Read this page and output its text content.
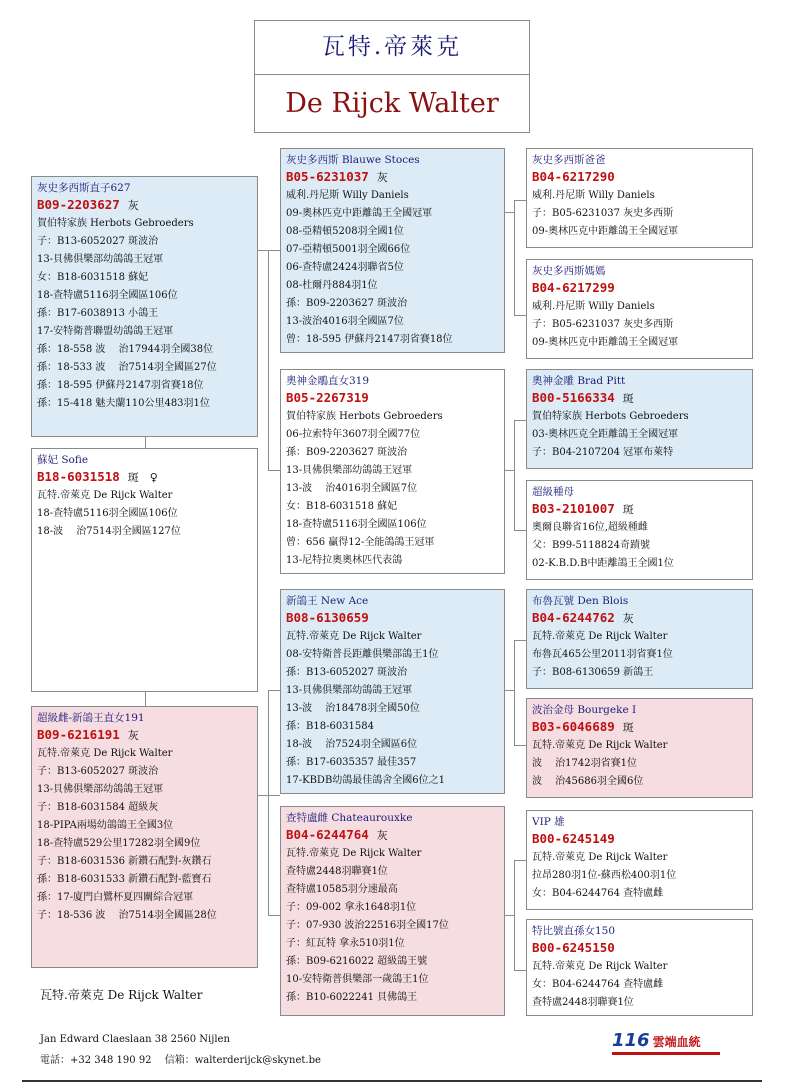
瓦特.帝萊克
De Rijck Walter
灰史多西斯直子627
B09-2203627 灰
賀伯特家族 Herbots Gebroeders
子：B13-6052027 斑波治
13-貝佛俱樂部幼鴿鴿王冠軍
女：B18-6031518 蘇妃
18-查特盧5116羽全國區106位
孫：B17-6038913 小鴿王
17-安特衛普聯盟幼鴿鴿王冠軍
孫：18-558 波　 治17944羽全國38位
孫：18-533 波　 治7514羽全國區27位
孫：18-595 伊蘇丹2147羽省賽18位
孫：15-418 魅夫蘭110公里483羽1位
蘇妃 Sofie
B18-6031518 斑　♀
瓦特.帝萊克 De Rijck Walter
18-查特盧5116羽全國區106位
18-波　 治7514羽全國區127位
超級雌-新鴿王直女191
B09-6216191 灰
瓦特.帝萊克 De Rijck Walter
子：B13-6052027 斑波治
13-貝佛俱樂部幼鴿鴿王冠軍
子：B18-6031584 超級灰
18-PIPA兩場幼鴿鴿王全國3位
18-查特盧529公里17282羽全國9位
子：B18-6031536 新鑽石配對-灰鑽石
孫：B18-6031533 新鑽石配對-藍寶石
孫：17-廈門白鷺杯夏四關綜合冠軍
子：18-536 波　 治7514羽全國區28位
灰史多西斯 Blauwe Stoces
B05-6231037 灰
威利.丹尼斯 Willy Daniels
09-奧林匹克中距離鴿王全國冠軍
08-亞精頓5208羽全國1位
07-亞精頓5001羽全國66位
06-查特盧2424羽聯省5位
08-杜爾丹884羽1位
孫：B09-2203627 斑波治
13-波治4016羽全國區7位
曾：18-595 伊蘇丹2147羽省賽18位
奧神金鵰直女319
B05-2267319
賀伯特家族 Herbots Gebroeders
06-拉索特年3607羽全國77位
孫：B09-2203627 斑波治
13-貝佛俱樂部幼鴿鴿王冠軍
13-波　 治4016羽全國區7位
女：B18-6031518 蘇妃
18-查特盧5116羽全國區106位
曾：656 贏得12-全能鴿鴿王冠軍
13-尼特拉奧奧林匹代表鴿
新鴿王 New Ace
B08-6130659
瓦特.帝萊克 De Rijck Walter
08-安特衛普長距離俱樂部鴿王1位
孫：B13-6052027 斑波治
13-貝佛俱樂部幼鴿鴿王冠軍
13-波　 治18478羽全國50位
孫：B18-6031584
18-波　 治7524羽全國區6位
孫：B17-6035357 最佳357
17-KBDB幼鴿最佳鴿舍全國6位之1
查特盧雌 Chateaurouxke
B04-6244764 灰
瓦特.帝萊克 De Rijck Walter
查特盧2448羽聯賽1位
查特盧10585羽分速最高
子：09-002 拿永1648羽1位
子：07-930 波治22516羽全國17位
子：紅瓦特 拿永510羽1位
孫：B09-6216022 超級鴿王號
10-安特衛普俱樂部一歲鴿王1位
孫：B10-6022241 貝佛鴿王
灰史多西斯爸爸
B04-6217290
威利.丹尼斯 Willy Daniels
子：B05-6231037 灰史多西斯
09-奧林匹克中距離鴿王全國冠軍
灰史多西斯媽媽
B04-6217299
威利.丹尼斯 Willy Daniels
子：B05-6231037 灰史多西斯
09-奧林匹克中距離鴿王全國冠軍
奧神金雕 Brad Pitt
B00-5166334 斑
賀伯特家族 Herbots Gebroeders
03-奧林匹克全距離鴿王全國冠軍
子：B04-2107204 冠軍布萊特
超級種母
B03-2101007 斑
奧爾良聯省16位,超級種雌
父：B99-5118824奇蹟號
02-K.B.D.B中距離鴿王全國1位
布魯瓦號 Den Blois
B04-6244762 灰
瓦特.帝萊克 De Rijck Walter
布魯瓦465公里2011羽省賽1位
子：B08-6130659 新鴿王
波治金母 Bourgeke I
B03-6046689 斑
瓦特.帝萊克 De Rijck Walter
波　 治1742羽省賽1位
波　 治45686羽全國6位
VIP 雄
B00-6245149
瓦特.帝萊克 De Rijck Walter
拉昂280羽1位-蘇西松400羽1位
女：B04-6244764 查特盧雌
特比號直孫女150
B00-6245150
瓦特.帝萊克 De Rijck Walter
女：B04-6244764 查特盧雌
查特盧2448羽聯賽1位
瓦特.帝萊克 De Rijck Walter
Jan Edward Claeslaan 38 2560 Nijlen
電話：+32 348 190 92　 信箱：walterderijck@skynet.be
116 雲端血統
